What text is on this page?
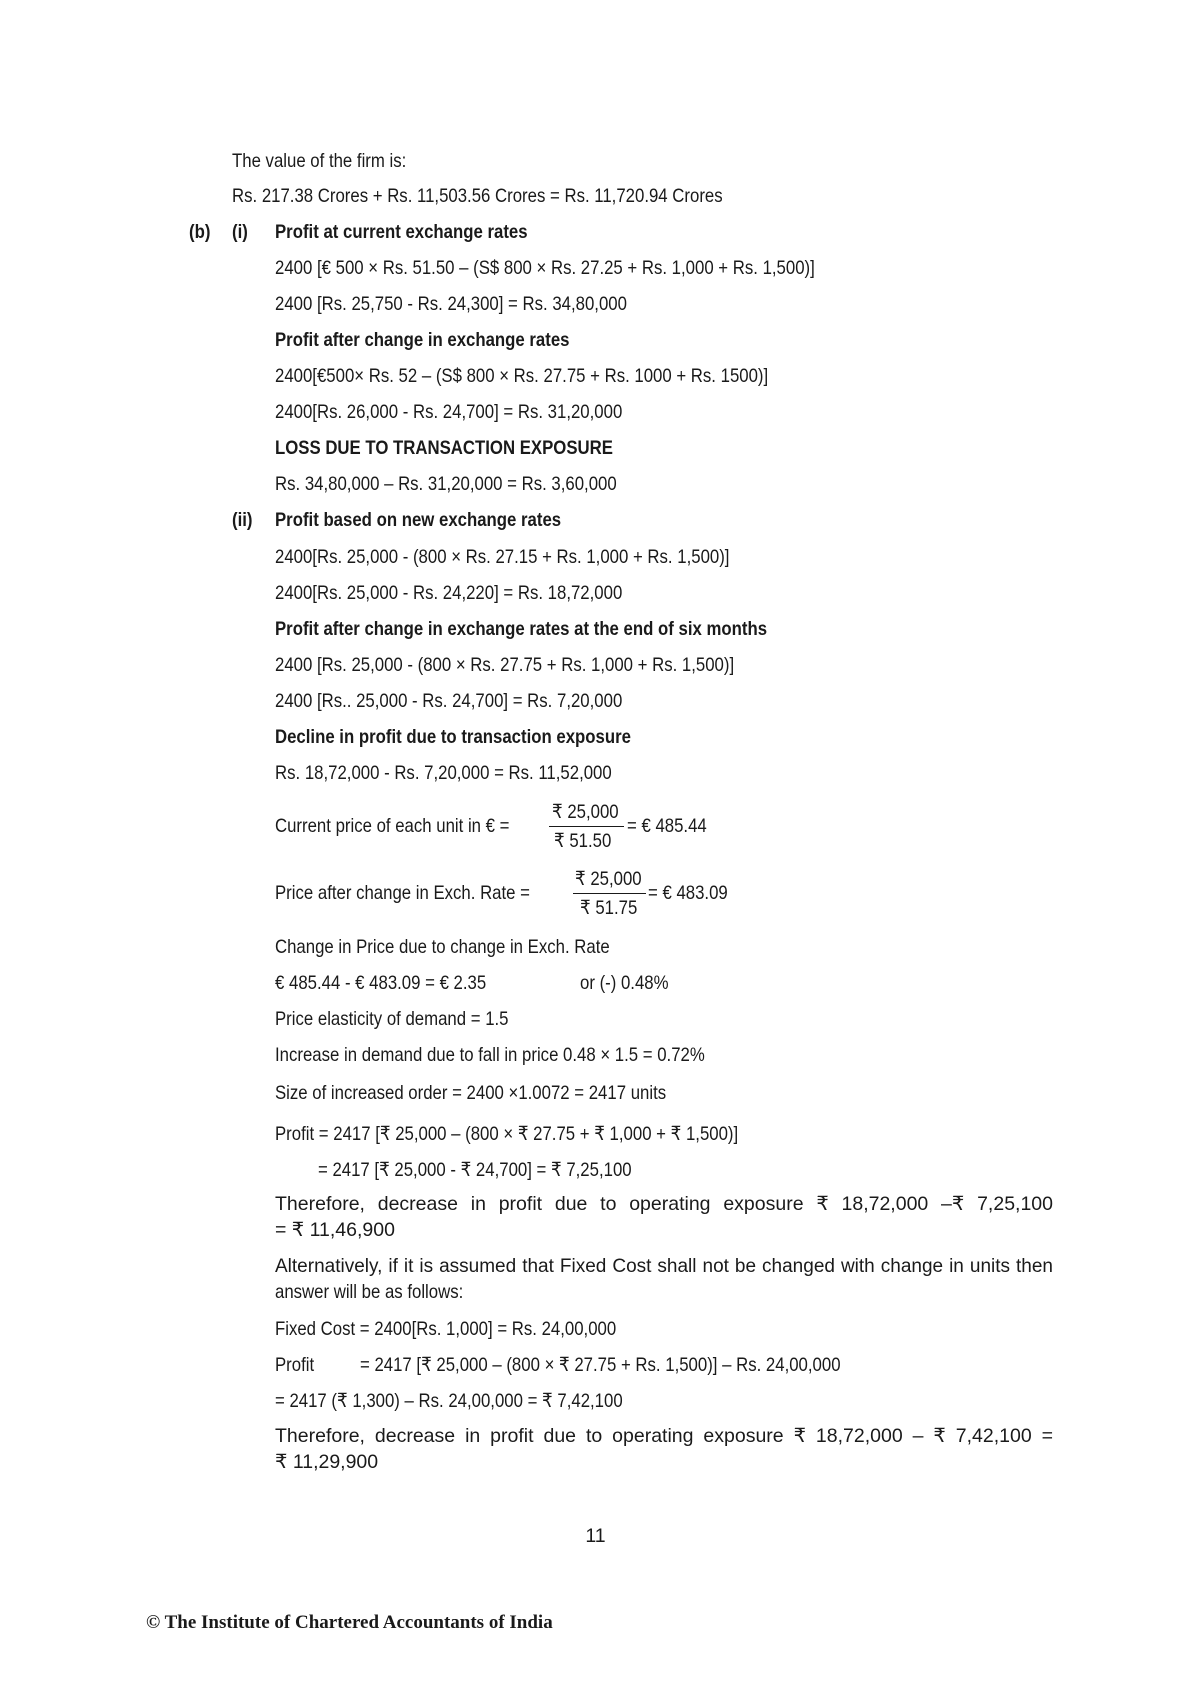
The value of the firm is:
Rs. 217.38 Crores + Rs. 11,503.56 Crores = Rs. 11,720.94 Crores
(b) (i) Profit at current exchange rates
2400 [€ 500 × Rs. 51.50 – (S$ 800 × Rs. 27.25 + Rs. 1,000 + Rs. 1,500)]
2400 [Rs. 25,750 - Rs. 24,300] = Rs. 34,80,000
Profit after change in exchange rates
2400[€500× Rs. 52 – (S$ 800 × Rs. 27.75 + Rs. 1000 + Rs. 1500)]
2400[Rs. 26,000 - Rs. 24,700] = Rs. 31,20,000
LOSS DUE TO TRANSACTION EXPOSURE
Rs. 34,80,000 – Rs. 31,20,000 = Rs. 3,60,000
(ii) Profit based on new exchange rates
2400[Rs. 25,000 - (800 × Rs. 27.15 + Rs. 1,000 + Rs. 1,500)]
2400[Rs. 25,000 - Rs. 24,220] = Rs. 18,72,000
Profit after change in exchange rates at the end of six months
2400 [Rs. 25,000 - (800 × Rs. 27.75 + Rs. 1,000 + Rs. 1,500)]
2400 [Rs.. 25,000 - Rs. 24,700] = Rs. 7,20,000
Decline in profit due to transaction exposure
Rs. 18,72,000 - Rs. 7,20,000 = Rs. 11,52,000
Current price of each unit in € =
₹ 25,000
₹ 51.50
= € 485.44
Price after change in Exch. Rate =
₹ 25,000
₹ 51.75
= € 483.09
Change in Price due to change in Exch. Rate
€ 485.44 - € 483.09 = € 2.35	or (-) 0.48%
Price elasticity of demand = 1.5
Increase in demand due to fall in price 0.48 × 1.5 = 0.72%
Size of increased order = 2400 ×1.0072 = 2417 units
Profit = 2417 [₹ 25,000 – (800 × ₹ 27.75 + ₹ 1,000 + ₹ 1,500)]
= 2417 [₹ 25,000 - ₹ 24,700] = ₹ 7,25,100
Therefore, decrease in profit due to operating exposure ₹ 18,72,000 –₹ 7,25,100
= ₹ 11,46,900
Alternatively, if it is assumed that Fixed Cost shall not be changed with change in units then
answer will be as follows:
Fixed Cost = 2400[Rs. 1,000] = Rs. 24,00,000
Profit = 2417 [₹ 25,000 – (800 × ₹ 27.75 + Rs. 1,500)] – Rs. 24,00,000
= 2417 (₹ 1,300) – Rs. 24,00,000 = ₹ 7,42,100
Therefore, decrease in profit due to operating exposure ₹ 18,72,000 – ₹ 7,42,100 =
₹ 11,29,900
11
© The Institute of Chartered Accountants of India
